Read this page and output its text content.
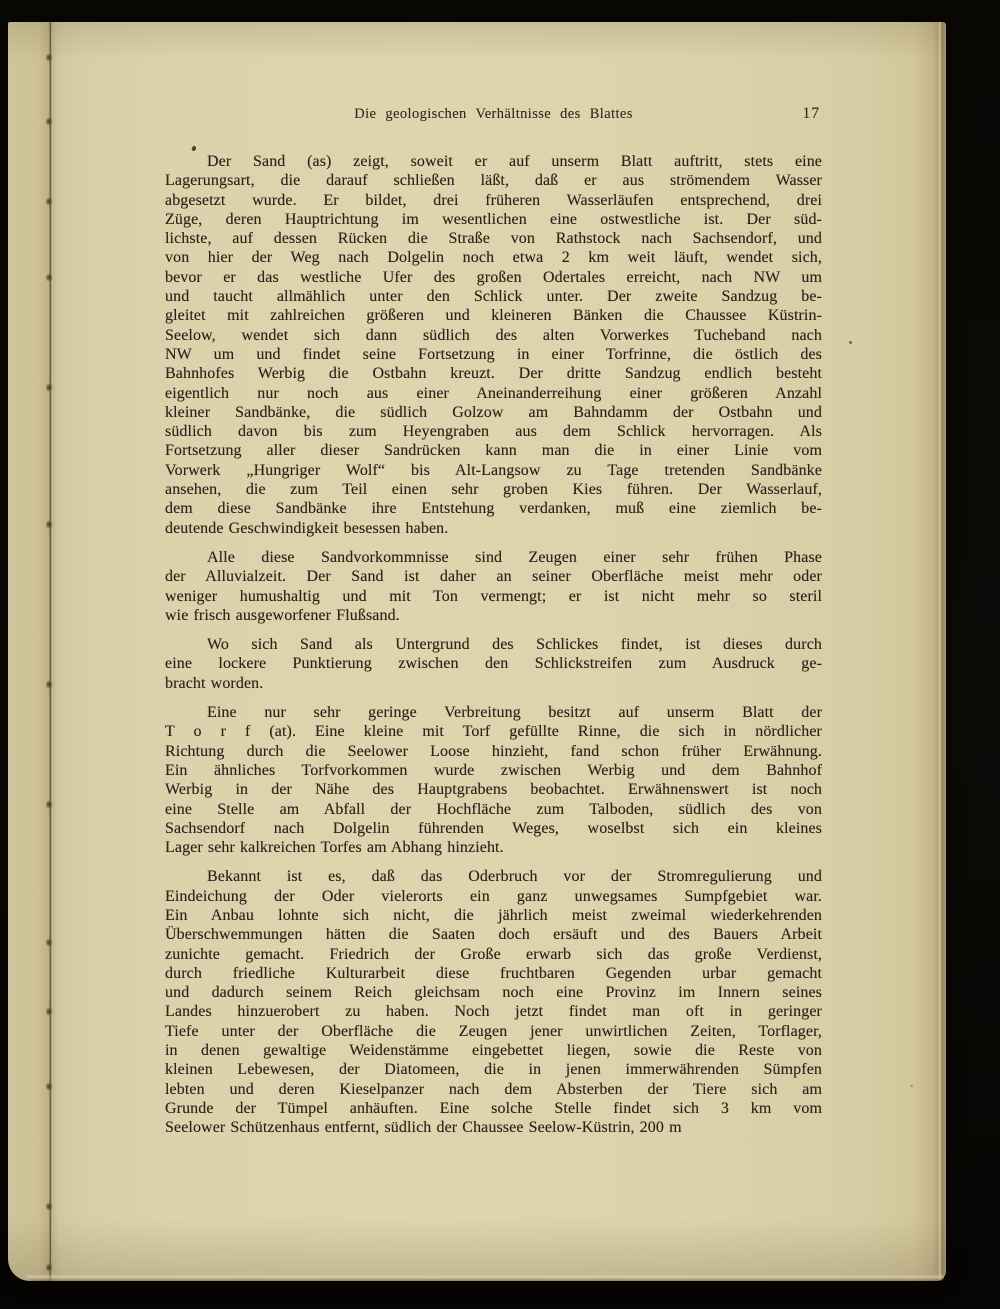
Die geologischen Verhältnisse des Blattes	17
Der Sand (as) zeigt, soweit er auf unserm Blatt auftritt, stets eine
Lagerungsart, die darauf schließen läßt, daß er aus strömendem Wasser
abgesetzt wurde. Er bildet, drei früheren Wasserläufen entsprechend, drei
Züge, deren Hauptrichtung im wesentlichen eine ostwestliche ist. Der süd-
lichste, auf dessen Rücken die Straße von Rathstock nach Sachsendorf, und
von hier der Weg nach Dolgelin noch etwa 2 km weit läuft, wendet sich,
bevor er das westliche Ufer des großen Odertales erreicht, nach NW um
und taucht allmählich unter den Schlick unter. Der zweite Sandzug be-
gleitet mit zahlreichen größeren und kleineren Bänken die Chaussee Küstrin-
Seelow, wendet sich dann südlich des alten Vorwerkes Tucheband nach
NW um und findet seine Fortsetzung in einer Torfrinne, die östlich des
Bahnhofes Werbig die Ostbahn kreuzt. Der dritte Sandzug endlich besteht
eigentlich nur noch aus einer Aneinanderreihung einer größeren Anzahl
kleiner Sandbänke, die südlich Golzow am Bahndamm der Ostbahn und
südlich davon bis zum Heyengraben aus dem Schlick hervorragen. Als
Fortsetzung aller dieser Sandrücken kann man die in einer Linie vom
Vorwerk „Hungriger Wolf“ bis Alt-Langsow zu Tage tretenden Sandbänke
ansehen, die zum Teil einen sehr groben Kies führen. Der Wasserlauf,
dem diese Sandbänke ihre Entstehung verdanken, muß eine ziemlich be-
deutende Geschwindigkeit besessen haben.
Alle diese Sandvorkommnisse sind Zeugen einer sehr frühen Phase
der Alluvialzeit. Der Sand ist daher an seiner Oberfläche meist mehr oder
weniger humushaltig und mit Ton vermengt; er ist nicht mehr so steril
wie frisch ausgeworfener Flußsand.
Wo sich Sand als Untergrund des Schlickes findet, ist dieses durch
eine lockere Punktierung zwischen den Schlickstreifen zum Ausdruck ge-
bracht worden.
Eine nur sehr geringe Verbreitung besitzt auf unserm Blatt der
T o r f (at). Eine kleine mit Torf gefüllte Rinne, die sich in nördlicher
Richtung durch die Seelower Loose hinzieht, fand schon früher Erwähnung.
Ein ähnliches Torfvorkommen wurde zwischen Werbig und dem Bahnhof
Werbig in der Nähe des Hauptgrabens beobachtet. Erwähnenswert ist noch
eine Stelle am Abfall der Hochfläche zum Talboden, südlich des von
Sachsendorf nach Dolgelin führenden Weges, woselbst sich ein kleines
Lager sehr kalkreichen Torfes am Abhang hinzieht.
Bekannt ist es, daß das Oderbruch vor der Stromregulierung und
Eindeichung der Oder vielerorts ein ganz unwegsames Sumpfgebiet war.
Ein Anbau lohnte sich nicht, die jährlich meist zweimal wiederkehrenden
Überschwemmungen hätten die Saaten doch ersäuft und des Bauers Arbeit
zunichte gemacht. Friedrich der Große erwarb sich das große Verdienst,
durch friedliche Kulturarbeit diese fruchtbaren Gegenden urbar gemacht
und dadurch seinem Reich gleichsam noch eine Provinz im Innern seines
Landes hinzuerobert zu haben. Noch jetzt findet man oft in geringer
Tiefe unter der Oberfläche die Zeugen jener unwirtlichen Zeiten, Torflager,
in denen gewaltige Weidenstämme eingebettet liegen, sowie die Reste von
kleinen Lebewesen, der Diatomeen, die in jenen immerwährenden Sümpfen
lebten und deren Kieselpanzer nach dem Absterben der Tiere sich am
Grunde der Tümpel anhäuften. Eine solche Stelle findet sich 3 km vom
Seelower Schützenhaus entfernt, südlich der Chaussee Seelow-Küstrin, 200 m
